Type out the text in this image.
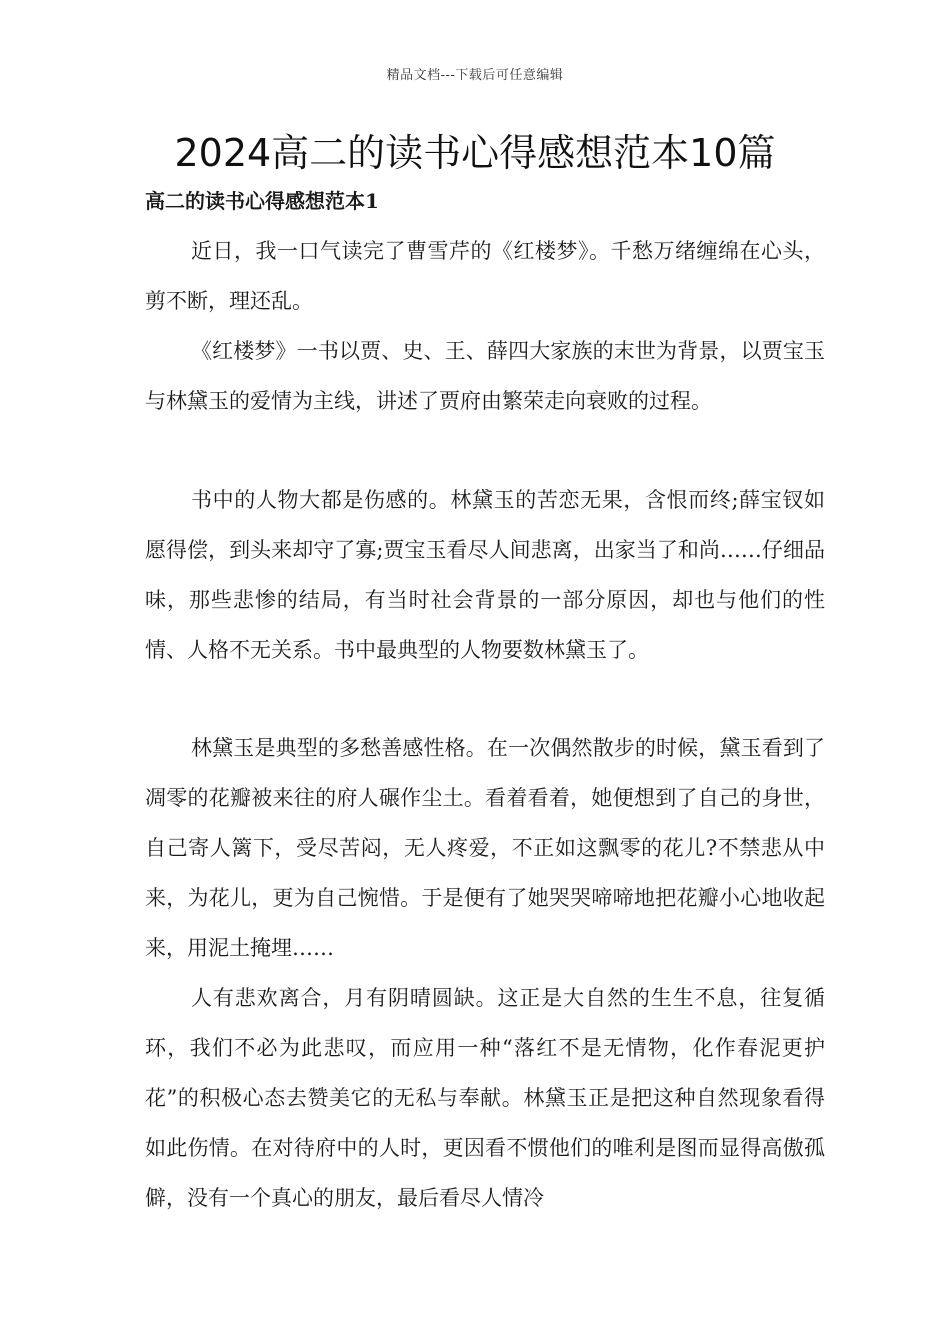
精品文档---下载后可任意编辑
2024高二的读书心得感想范本10篇
高二的读书心得感想范本1

近日，我一口气读完了曹雪芹的《红楼梦》。千愁万绪缠绵在心头，剪不断，理还乱。

《红楼梦》一书以贾、史、王、薛四大家族的末世为背景，以贾宝玉与林黛玉的爱情为主线，讲述了贾府由繁荣走向衰败的过程。

书中的人物大都是伤感的。林黛玉的苦恋无果，含恨而终;薛宝钗如愿得偿，到头来却守了寡;贾宝玉看尽人间悲离，出家当了和尚……仔细品味，那些悲惨的结局，有当时社会背景的一部分原因，却也与他们的性情、人格不无关系。书中最典型的人物要数林黛玉了。

林黛玉是典型的多愁善感性格。在一次偶然散步的时候，黛玉看到了凋零的花瓣被来往的府人碾作尘土。看着看着，她便想到了自己的身世，自己寄人篱下，受尽苦闷，无人疼爱，不正如这飘零的花儿?不禁悲从中来，为花儿，更为自己惋惜。于是便有了她哭哭啼啼地把花瓣小心地收起来，用泥土掩埋……

人有悲欢离合，月有阴晴圆缺。这正是大自然的生生不息，往复循环，我们不必为此悲叹，而应用一种“落红不是无情物，化作春泥更护花”的积极心态去赞美它的无私与奉献。林黛玉正是把这种自然现象看得如此伤情。在对待府中的人时，更因看不惯他们的唯利是图而显得高傲孤僻，没有一个真心的朋友，最后看尽人情冷
